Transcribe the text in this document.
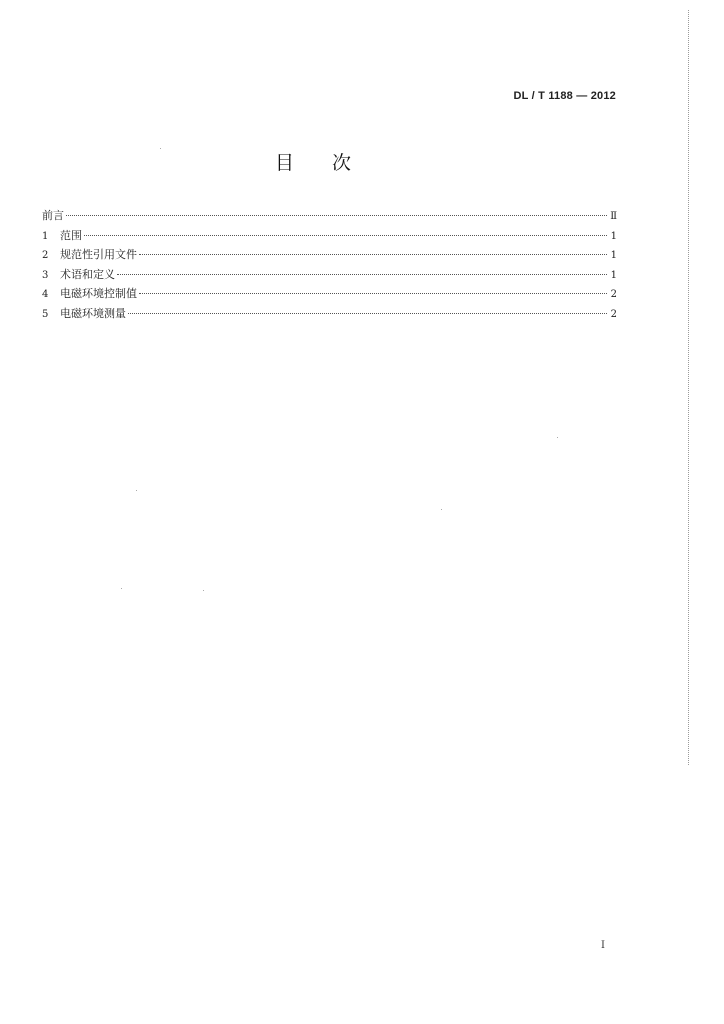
DL / T 1188 — 2012
目次
前言	Ⅱ
1	范围	1
2	规范性引用文件	1
3	术语和定义	1
4	电磁环境控制值	2
5	电磁环境测量	2
I
